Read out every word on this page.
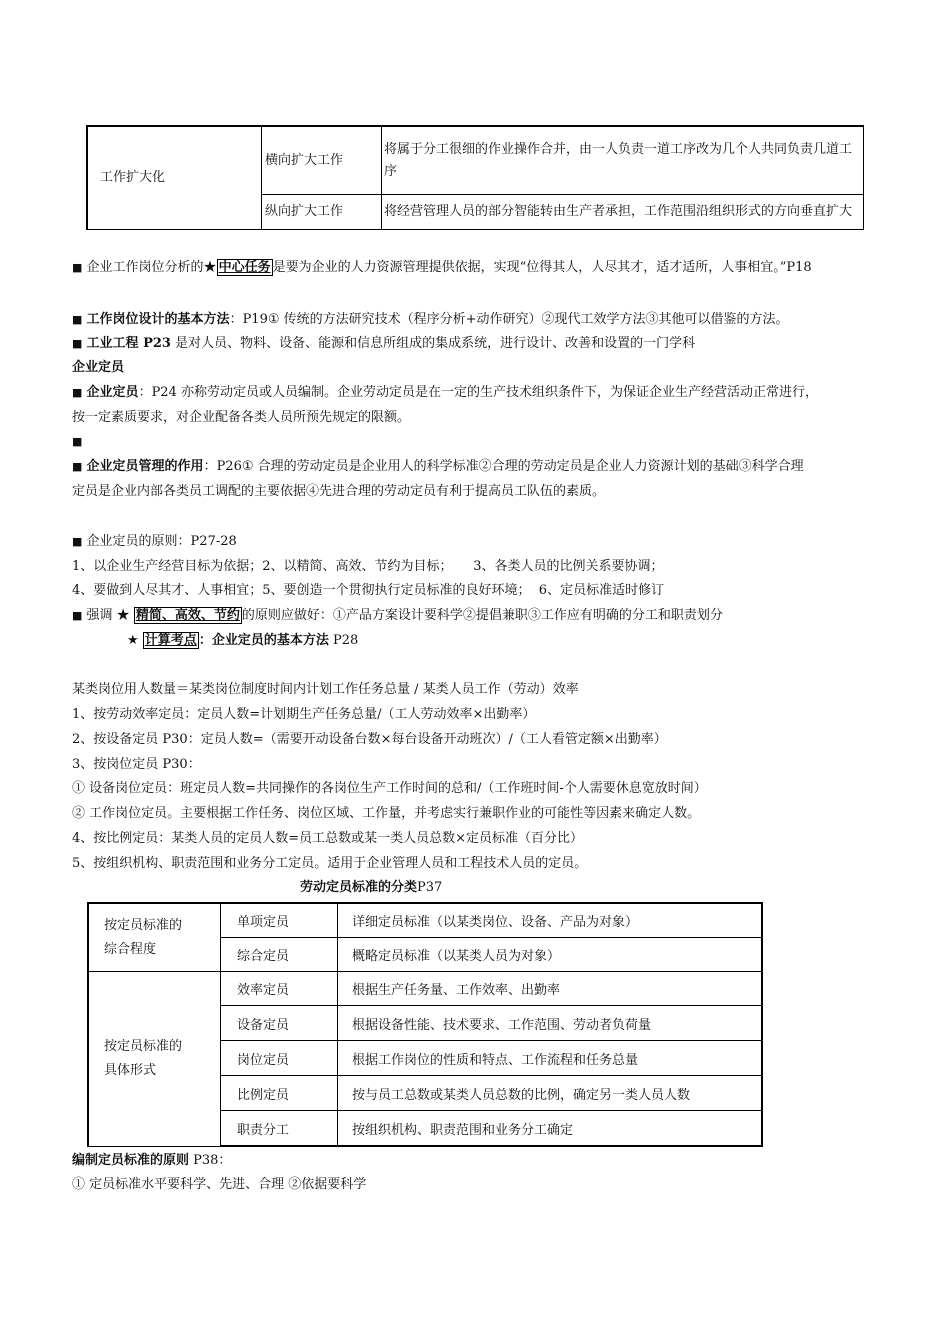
工作扩大化	横向扩大工作	将属于分工很细的作业操作合并，由一人负责一道工序改为几个人共同负责几道工序
	纵向扩大工作	将经营管理人员的部分智能转由生产者承担，工作范围沿组织形式的方向垂直扩大
■ 企业工作岗位分析的★ 中心任务 是要为企业的人力资源管理提供依据，实现“位得其人，人尽其才，适才适所，人事相宜。”P18
■ 工作岗位设计的基本方法：P19① 传统的方法研究技术（程序分析+动作研究）②现代工效学方法③其他可以借鉴的方法。
■ 工业工程 P23 是对人员、物料、设备、能源和信息所组成的集成系统，进行设计、改善和设置的一门学科
企业定员
■ 企业定员：P24 亦称劳动定员或人员编制。企业劳动定员是在一定的生产技术组织条件下，为保证企业生产经营活动正常进行，
按一定素质要求，对企业配备各类人员所预先规定的限额。
■
■ 企业定员管理的作用：P26① 合理的劳动定员是企业用人的科学标准②合理的劳动定员是企业人力资源计划的基础③科学合理
定员是企业内部各类员工调配的主要依据④先进合理的劳动定员有利于提高员工队伍的素质。
■ 企业定员的原则：P27-28
1、以企业生产经营目标为依据；2、以精简、高效、节约为目标；     3、各类人员的比例关系要协调；
4、要做到人尽其才、人事相宜；5、要创造一个贯彻执行定员标准的良好环境；  6、定员标准适时修订
■ 强调 ★ 精简、高效、节约 的原则应做好：①产品方案设计要科学②提倡兼职③工作应有明确的分工和职责划分
★ 计算考点 ：企业定员的基本方法 P28
某类岗位用人数量＝某类岗位制度时间内计划工作任务总量 / 某类人员工作（劳动）效率
1、按劳动效率定员：定员人数=计划期生产任务总量/（工人劳动效率×出勤率）
2、按设备定员 P30：定员人数=（需要开动设备台数×每台设备开动班次）/（工人看管定额×出勤率）
3、按岗位定员 P30：
① 设备岗位定员：班定员人数=共同操作的各岗位生产工作时间的总和/（工作班时间-个人需要休息宽放时间）
② 工作岗位定员。主要根据工作任务、岗位区域、工作量，并考虑实行兼职作业的可能性等因素来确定人数。
4、按比例定员：某类人员的定员人数=员工总数或某一类人员总数×定员标准（百分比）
5、按组织机构、职责范围和业务分工定员。适用于企业管理人员和工程技术人员的定员。
劳动定员标准的分类P37
按定员标准的
综合程度	单项定员	详细定员标准（以某类岗位、设备、产品为对象）
	综合定员	概略定员标准（以某类人员为对象）

按定员标准的
具体形式	效率定员	根据生产任务量、工作效率、出勤率
	设备定员	根据设备性能、技术要求、工作范围、劳动者负荷量
	岗位定员	根据工作岗位的性质和特点、工作流程和任务总量
	比例定员	按与员工总数或某类人员总数的比例，确定另一类人员人数
	职责分工	按组织机构、职责范围和业务分工确定
编制定员标准的原则 P38：
① 定员标准水平要科学、先进、合理 ②依据要科学
